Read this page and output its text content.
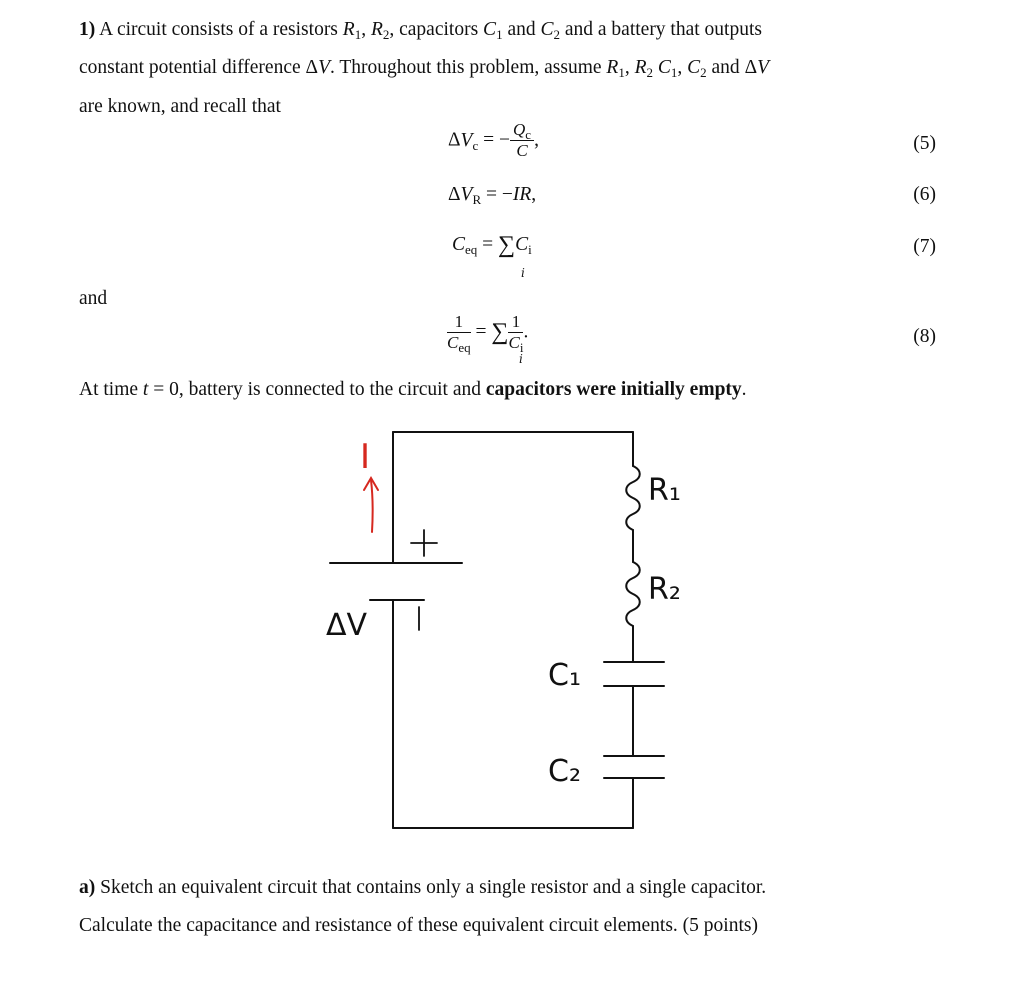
1) A circuit consists of a resistors $R_1$, $R_2$, capacitors $C_1$ and $C_2$ and a battery that outputs
constant potential difference ΔV. Throughout this problem, assume $R_1$, $R_2$ $C_1$, $C_2$ and ΔV
are known, and recall that
$\Delta V_c$ = − $\frac{Q_c}{C}$ ,	(5)
$\Delta V_R = -IR$,	(6)
$C_{eq} = \sum C_i$
i
(7)
and
$\frac{1}{C_{eq}}$ = ∑ $\frac{1}{C_i}$ .
i
(8)
At time t = 0, battery is connected to the circuit and capacitors were initially empty.
I
ΔV
R₁
R₂
C₁
C₂
a) Sketch an equivalent circuit that contains only a single resistor and a single capacitor.
Calculate the capacitance and resistance of these equivalent circuit elements. (5 points)
